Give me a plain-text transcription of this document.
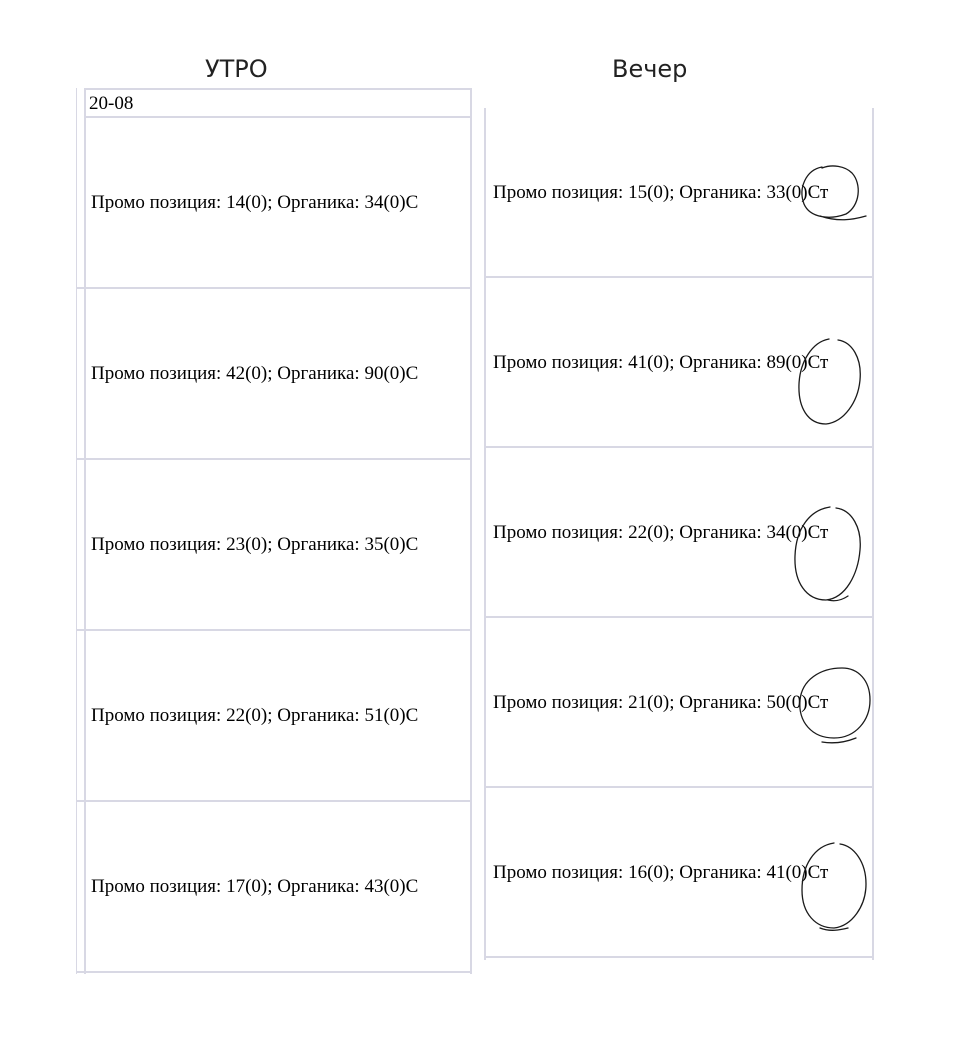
УТРО	Вечер
20-08
Промо позиция: 14(0); Органика: 34(0)С
Промо позиция: 42(0); Органика: 90(0)С
Промо позиция: 23(0); Органика: 35(0)С
Промо позиция: 22(0); Органика: 51(0)С
Промо позиция: 17(0); Органика: 43(0)С
Промо позиция: 15(0); Органика: 33(0)Ст
Промо позиция: 41(0); Органика: 89(0)Ст
Промо позиция: 22(0); Органика: 34(0)Ст
Промо позиция: 21(0); Органика: 50(0)Ст
Промо позиция: 16(0); Органика: 41(0)Ст
